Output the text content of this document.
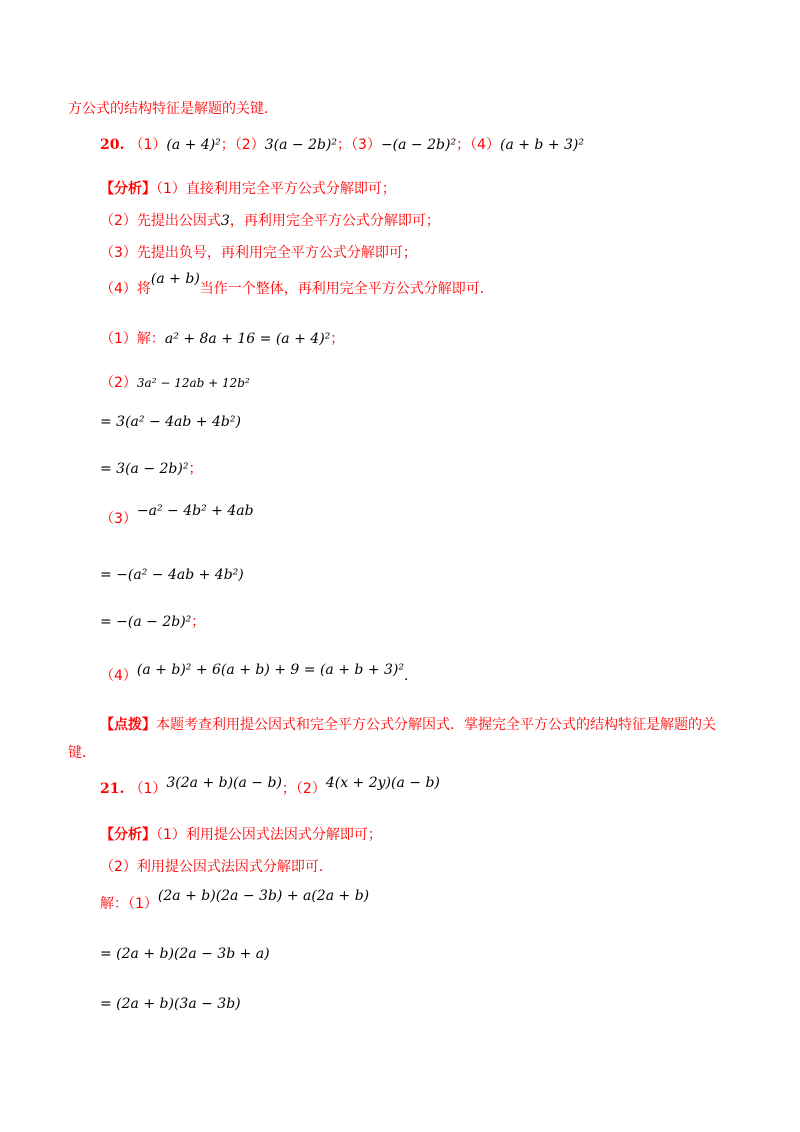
方公式的结构特征是解题的关键．
20. （1）(a + 4)²；（2）3(a − 2b)²；（3）−(a − 2b)²；（4）(a + b + 3)²
【分析】（1）直接利用完全平方公式分解即可；
（2）先提出公因式3，再利用完全平方公式分解即可；
（3）先提出负号，再利用完全平方公式分解即可；
（4）将(a + b)当作一个整体，再利用完全平方公式分解即可．
（1）解：a² + 8a + 16 = (a + 4)²；
（2）3a² − 12ab + 12b²
= 3(a² − 4ab + 4b²)
= 3(a − 2b)²；
（3）−a² − 4b² + 4ab
= −(a² − 4ab + 4b²)
= −(a − 2b)²；
（4）(a + b)² + 6(a + b) + 9 = (a + b + 3)².
【点拨】本题考查利用提公因式和完全平方公式分解因式．掌握完全平方公式的结构特征是解题的关
键．
21. （1）3(2a + b)(a − b)；（2）4(x + 2y)(a − b)
【分析】（1）利用提公因式法因式分解即可；
（2）利用提公因式法因式分解即可．
解：（1）(2a + b)(2a − 3b) + a(2a + b)
= (2a + b)(2a − 3b + a)
= (2a + b)(3a − 3b)
